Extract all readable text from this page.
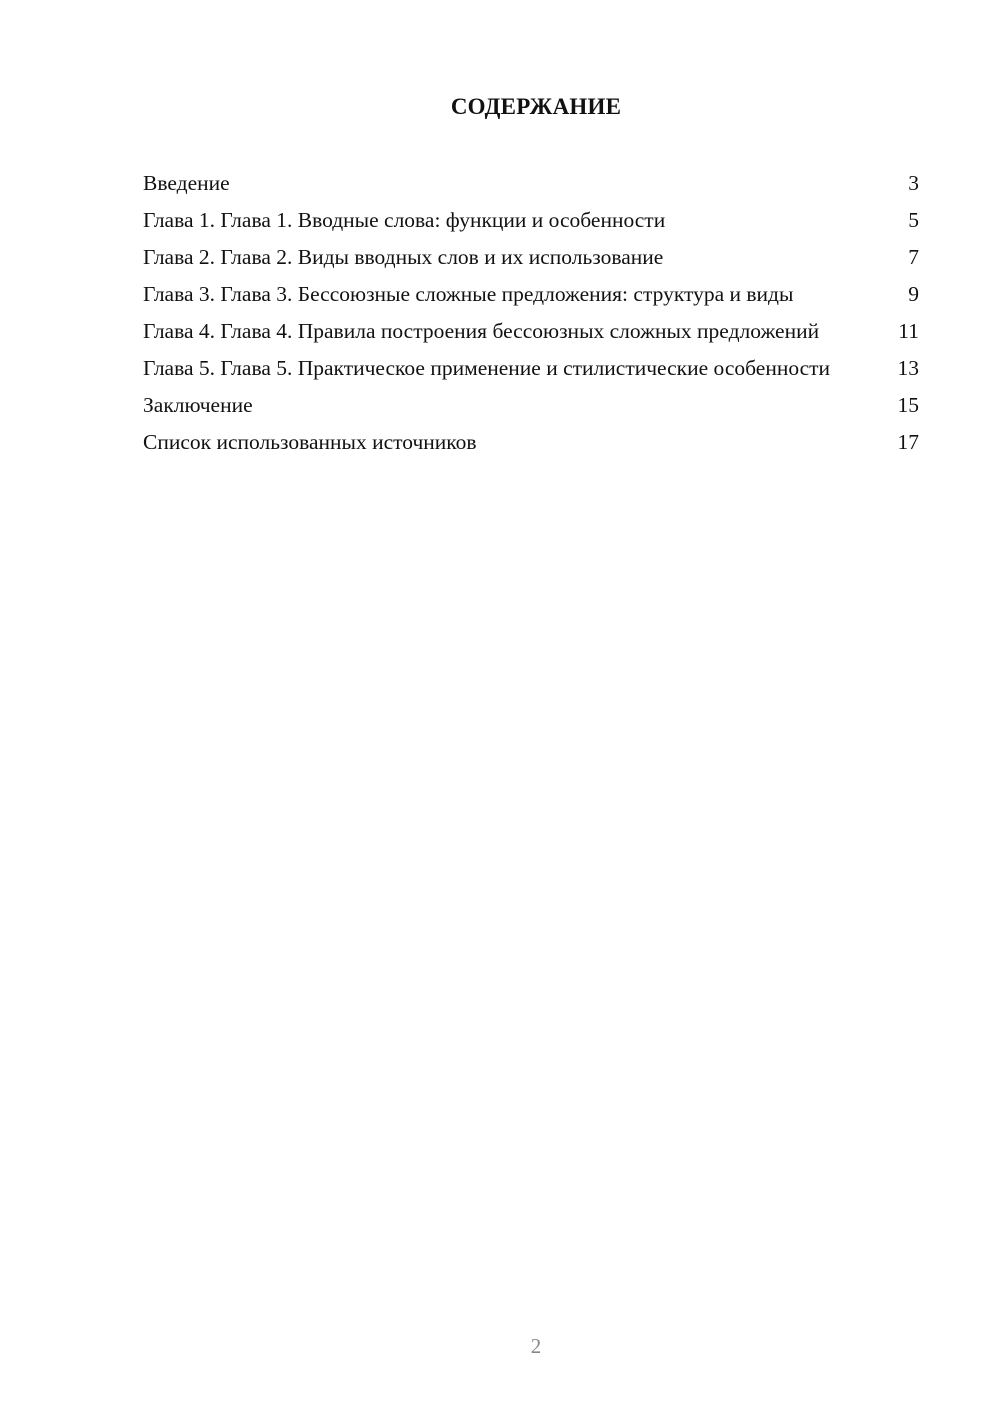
СОДЕРЖАНИЕ
Введение	3
Глава 1. Глава 1. Вводные слова: функции и особенности	5
Глава 2. Глава 2. Виды вводных слов и их использование	7
Глава 3. Глава 3. Бессоюзные сложные предложения: структура и виды	9
Глава 4. Глава 4. Правила построения бессоюзных сложных предложений	11
Глава 5. Глава 5. Практическое применение и стилистические особенности	13
Заключение	15
Список использованных источников	17
2
